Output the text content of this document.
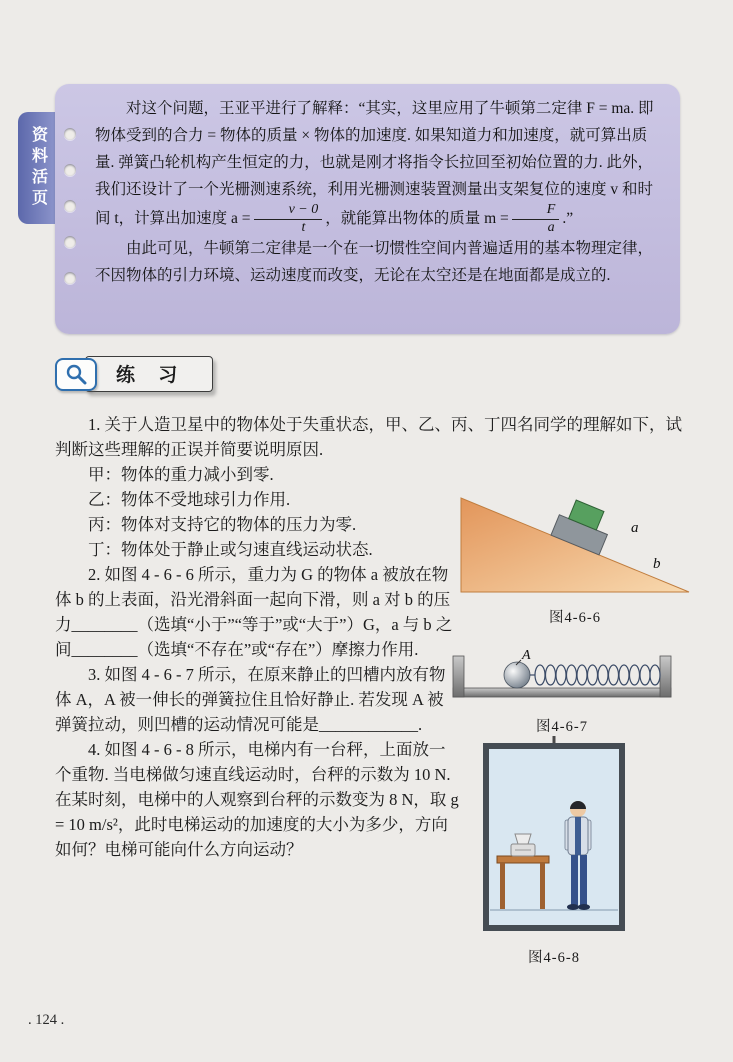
资料活页

对这个问题，王亚平进行了解释：“其实，这里应用了牛顿第二定律 F = ma. 即物体受到的合力 = 物体的质量 × 物体的加速度. 如果知道力和加速度，就可算出质量. 弹簧凸轮机构产生恒定的力，也就是刚才将指令长拉回至初始位置的力. 此外，我们还设计了一个光栅测速系统，利用光栅测速装置测量出支架复位的速度 v 和时间 t，计算出加速度 $a = \frac{v - 0}{t}$ ，就能算出物体的质量 $m = \frac{F}{a}$ .”

由此可见，牛顿第二定律是一个在一切惯性空间内普遍适用的基本物理定律，不因物体的引力环境、运动速度而改变，无论在太空还是在地面都是成立的.

练 习

1. 关于人造卫星中的物体处于失重状态，甲、乙、丙、丁四名同学的理解如下，试判断这些理解的正误并简要说明原因.

甲：物体的重力减小到零.
乙：物体不受地球引力作用.
丙：物体对支持它的物体的压力为零.
丁：物体处于静止或匀速直线运动状态.

2. 如图 4 - 6 - 6 所示，重力为 G 的物体 a 被放在物体 b 的上表面，沿光滑斜面一起向下滑，则 a 对 b 的压力________（选填“小于”“等于”或“大于”）G，a 与 b 之间________（选填“不存在”或“存在”）摩擦力作用.

3. 如图 4 - 6 - 7 所示，在原来静止的凹槽内放有物体 A，A 被一伸长的弹簧拉住且恰好静止. 若发现 A 被弹簧拉动，则凹槽的运动情况可能是____________.

4. 如图 4 - 6 - 8 所示，电梯内有一台秤，上面放一个重物. 当电梯做匀速直线运动时，台秤的示数为 10 N. 在某时刻，电梯中的人观察到台秤的示数变为 8 N，取 g = 10 m/s²，此时电梯运动的加速度的大小为多少，方向如何？电梯可能向什么方向运动？

a
b
图4-6-6
A
图4-6-7
图4-6-8
. 124 .
